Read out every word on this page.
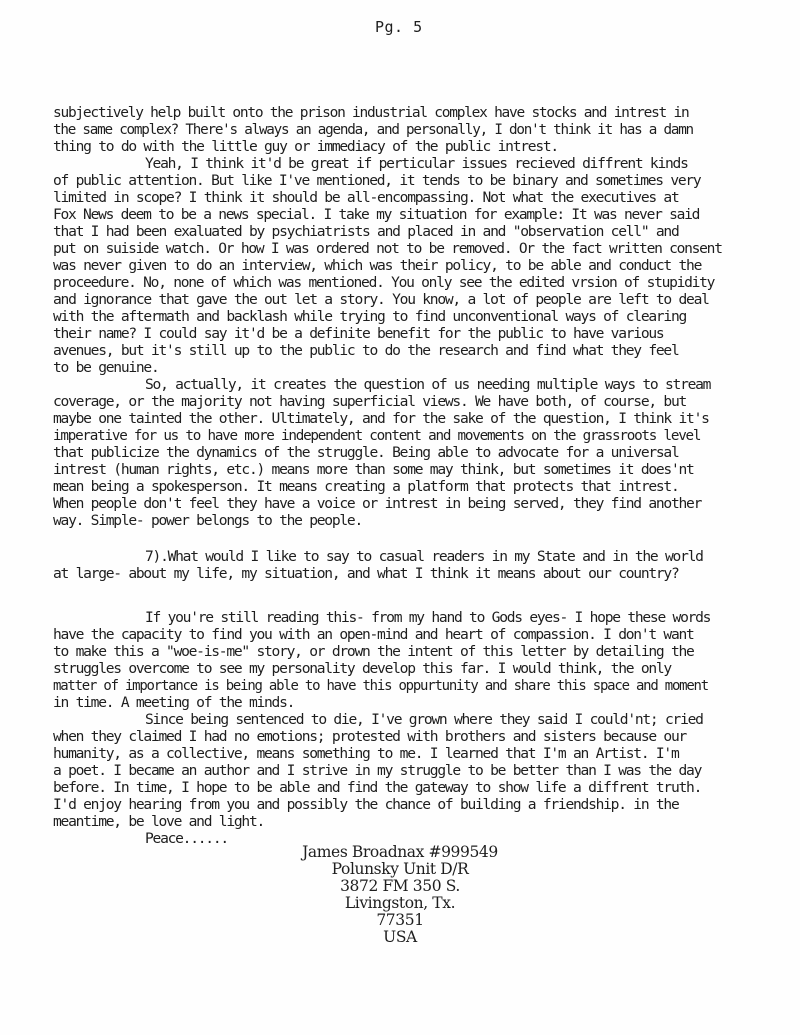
Pg. 5
subjectively help built onto the prison industrial complex have stocks and intrest in
the same complex? There's always an agenda, and personally, I don't think it has a damn
thing to do with the little guy or immediacy of the public intrest.
Yeah, I think it'd be great if perticular issues recieved diffrent kinds
of public attention. But like I've mentioned, it tends to be binary and sometimes very
limited in scope? I think it should be all-encompassing. Not what the executives at
Fox News deem to be a news special. I take my situation for example: It was never said
that I had been exaluated by psychiatrists and placed in and "observation cell" and
put on suiside watch. Or how I was ordered not to be removed. Or the fact written consent
was never given to do an interview, which was their policy, to be able and conduct the
proceedure. No, none of which was mentioned. You only see the edited vrsion of stupidity
and ignorance that gave the out let a story. You know, a lot of people are left to deal
with the aftermath and backlash while trying to find unconventional ways of clearing
their name? I could say it'd be a definite benefit for the public to have various
avenues, but it's still up to the public to do the research and find what they feel
to be genuine.
So, actually, it creates the question of us needing multiple ways to stream
coverage, or the majority not having superficial views. We have both, of course, but
maybe one tainted the other. Ultimately, and for the sake of the question, I think it's
imperative for us to have more independent content and movements on the grassroots level
that publicize the dynamics of the struggle. Being able to advocate for a universal
intrest (human rights, etc.) means more than some may think, but sometimes it does'nt
mean being a spokesperson. It means creating a platform that protects that intrest.
When people don't feel they have a voice or intrest in being served, they find another
way. Simple- power belongs to the people.
7).What would I like to say to casual readers in my State and in the world
at large- about my life, my situation, and what I think it means about our country?
If you're still reading this- from my hand to Gods eyes- I hope these words
have the capacity to find you with an open-mind and heart of compassion. I don't want
to make this a "woe-is-me" story, or drown the intent of this letter by detailing the
struggles overcome to see my personality develop this far. I would think, the only
matter of importance is being able to have this oppurtunity and share this space and moment
in time. A meeting of the minds.
Since being sentenced to die, I've grown where they said I could'nt; cried
when they claimed I had no emotions; protested with brothers and sisters because our
humanity, as a collective, means something to me. I learned that I'm an Artist. I'm
a poet. I became an author and I strive in my struggle to be better than I was the day
before. In time, I hope to be able and find the gateway to show life a diffrent truth.
I'd enjoy hearing from you and possibly the chance of building a friendship. in the
meantime, be love and light.
Peace......
James Broadnax #999549
Polunsky Unit D/R
3872 FM 350 S.
Livingston, Tx.
77351
USA
